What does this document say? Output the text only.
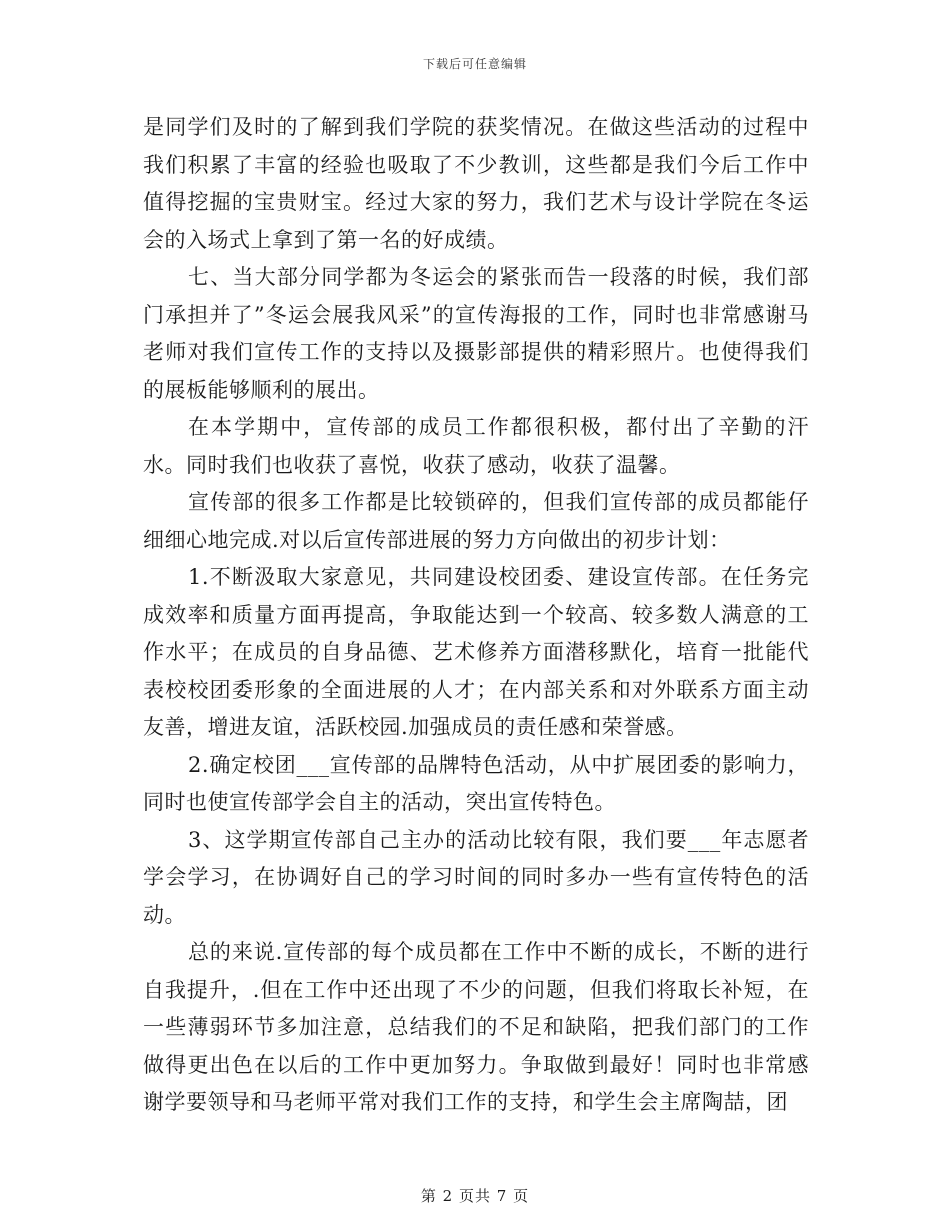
下载后可任意编辑

是同学们及时的了解到我们学院的获奖情况。在做这些活动的过程中我们积累了丰富的经验也吸取了不少教训，这些都是我们今后工作中值得挖掘的宝贵财宝。经过大家的努力，我们艺术与设计学院在冬运会的入场式上拿到了第一名的好成绩。

七、当大部分同学都为冬运会的紧张而告一段落的时候，我们部门承担并了”冬运会展我风采”的宣传海报的工作，同时也非常感谢马老师对我们宣传工作的支持以及摄影部提供的精彩照片。也使得我们的展板能够顺利的展出。

在本学期中，宣传部的成员工作都很积极，都付出了辛勤的汗水。同时我们也收获了喜悦，收获了感动，收获了温馨。

宣传部的很多工作都是比较锁碎的，但我们宣传部的成员都能仔细细心地完成.对以后宣传部进展的努力方向做出的初步计划：

1.不断汲取大家意见，共同建设校团委、建设宣传部。在任务完成效率和质量方面再提高，争取能达到一个较高、较多数人满意的工作水平；在成员的自身品德、艺术修养方面潜移默化，培育一批能代表校校团委形象的全面进展的人才；在内部关系和对外联系方面主动友善，增进友谊，活跃校园.加强成员的责任感和荣誉感。

2.确定校团___宣传部的品牌特色活动，从中扩展团委的影响力，同时也使宣传部学会自主的活动，突出宣传特色。

3、这学期宣传部自己主办的活动比较有限，我们要___年志愿者学会学习，在协调好自己的学习时间的同时多办一些有宣传特色的活动。

总的来说.宣传部的每个成员都在工作中不断的成长，不断的进行自我提升，.但在工作中还出现了不少的问题，但我们将取长补短，在一些薄弱环节多加注意，总结我们的不足和缺陷，把我们部门的工作做得更出色在以后的工作中更加努力。争取做到最好！同时也非常感谢学要领导和马老师平常对我们工作的支持，和学生会主席陶喆，团

第 2 页共 7 页
